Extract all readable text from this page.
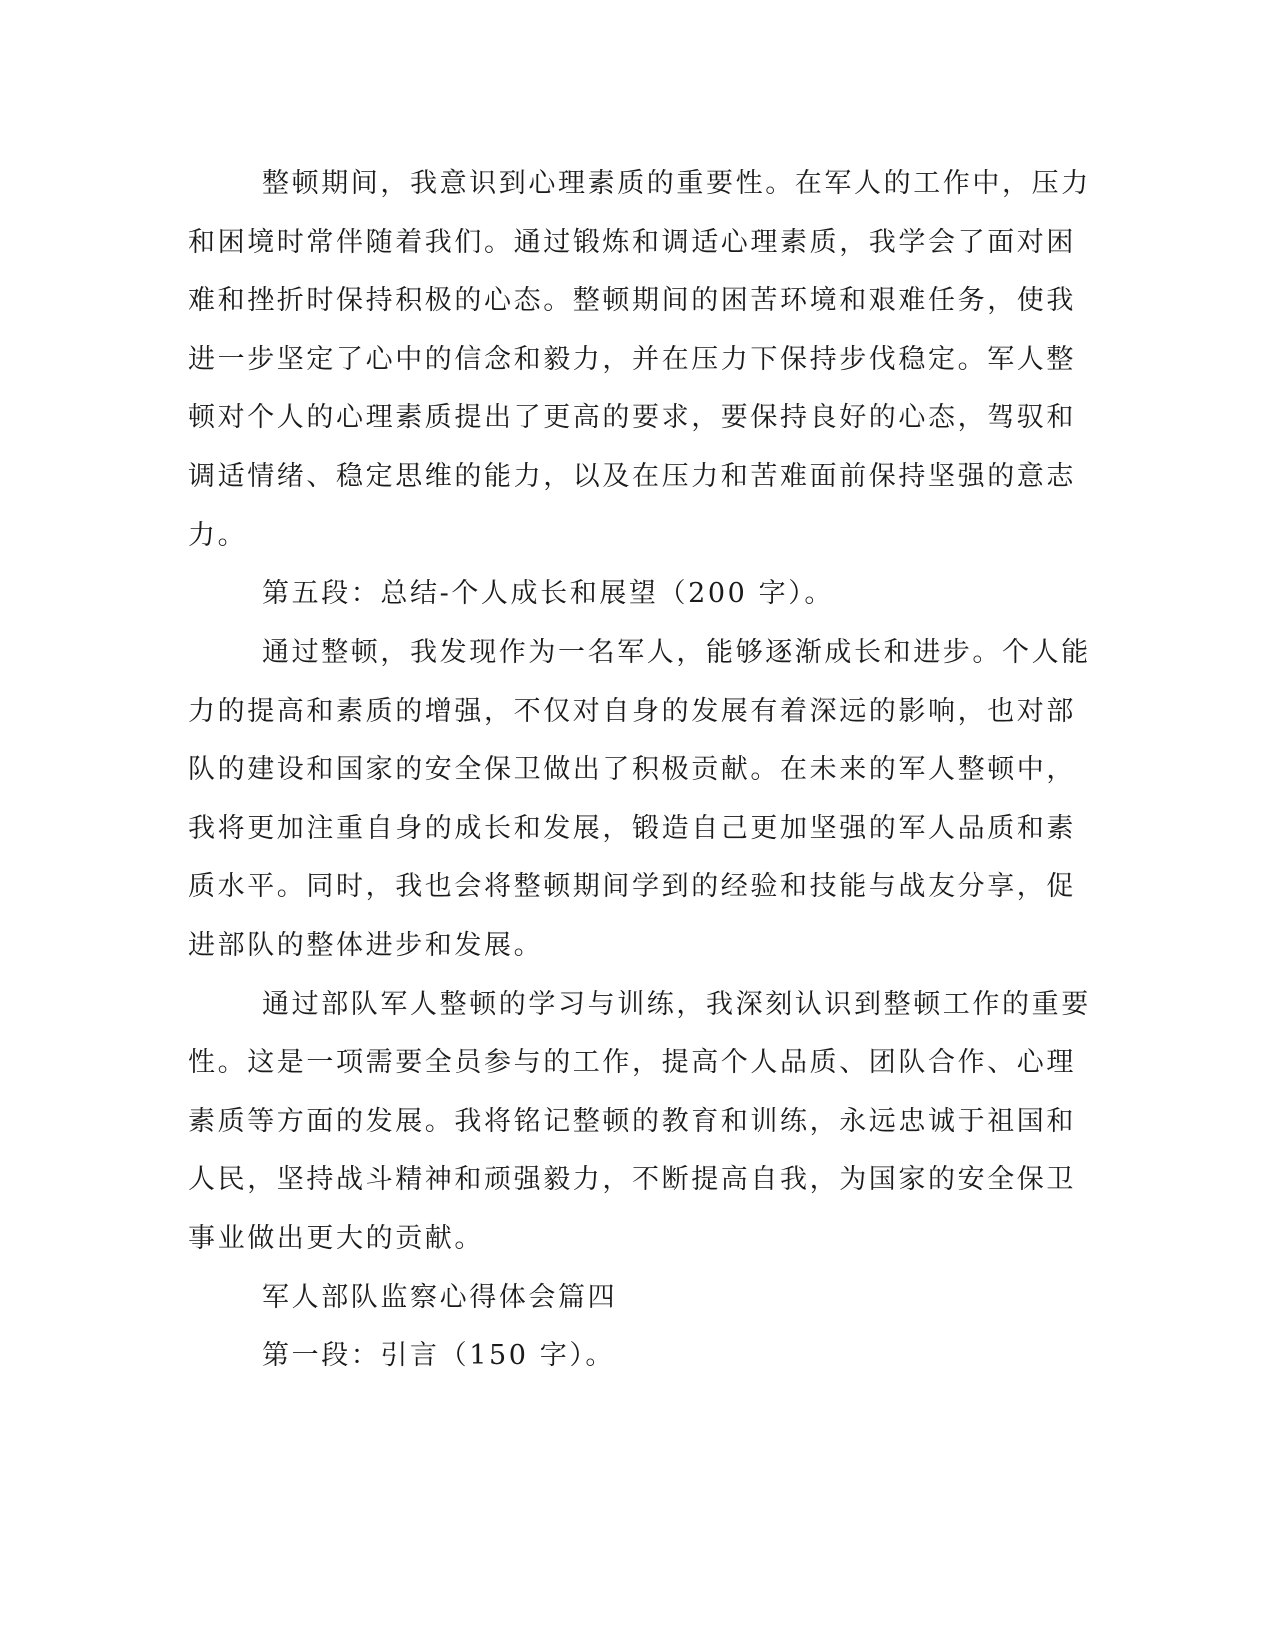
整顿期间，我意识到心理素质的重要性。在军人的工作中，压力
和困境时常伴随着我们。通过锻炼和调适心理素质，我学会了面对困
难和挫折时保持积极的心态。整顿期间的困苦环境和艰难任务，使我
进一步坚定了心中的信念和毅力，并在压力下保持步伐稳定。军人整
顿对个人的心理素质提出了更高的要求，要保持良好的心态，驾驭和
调适情绪、稳定思维的能力，以及在压力和苦难面前保持坚强的意志
力。
第五段：总结-个人成长和展望（200 字）。
通过整顿，我发现作为一名军人，能够逐渐成长和进步。个人能
力的提高和素质的增强，不仅对自身的发展有着深远的影响，也对部
队的建设和国家的安全保卫做出了积极贡献。在未来的军人整顿中，
我将更加注重自身的成长和发展，锻造自己更加坚强的军人品质和素
质水平。同时，我也会将整顿期间学到的经验和技能与战友分享，促
进部队的整体进步和发展。
通过部队军人整顿的学习与训练，我深刻认识到整顿工作的重要
性。这是一项需要全员参与的工作，提高个人品质、团队合作、心理
素质等方面的发展。我将铭记整顿的教育和训练，永远忠诚于祖国和
人民，坚持战斗精神和顽强毅力，不断提高自我，为国家的安全保卫
事业做出更大的贡献。
军人部队监察心得体会篇四
第一段：引言（150 字）。
